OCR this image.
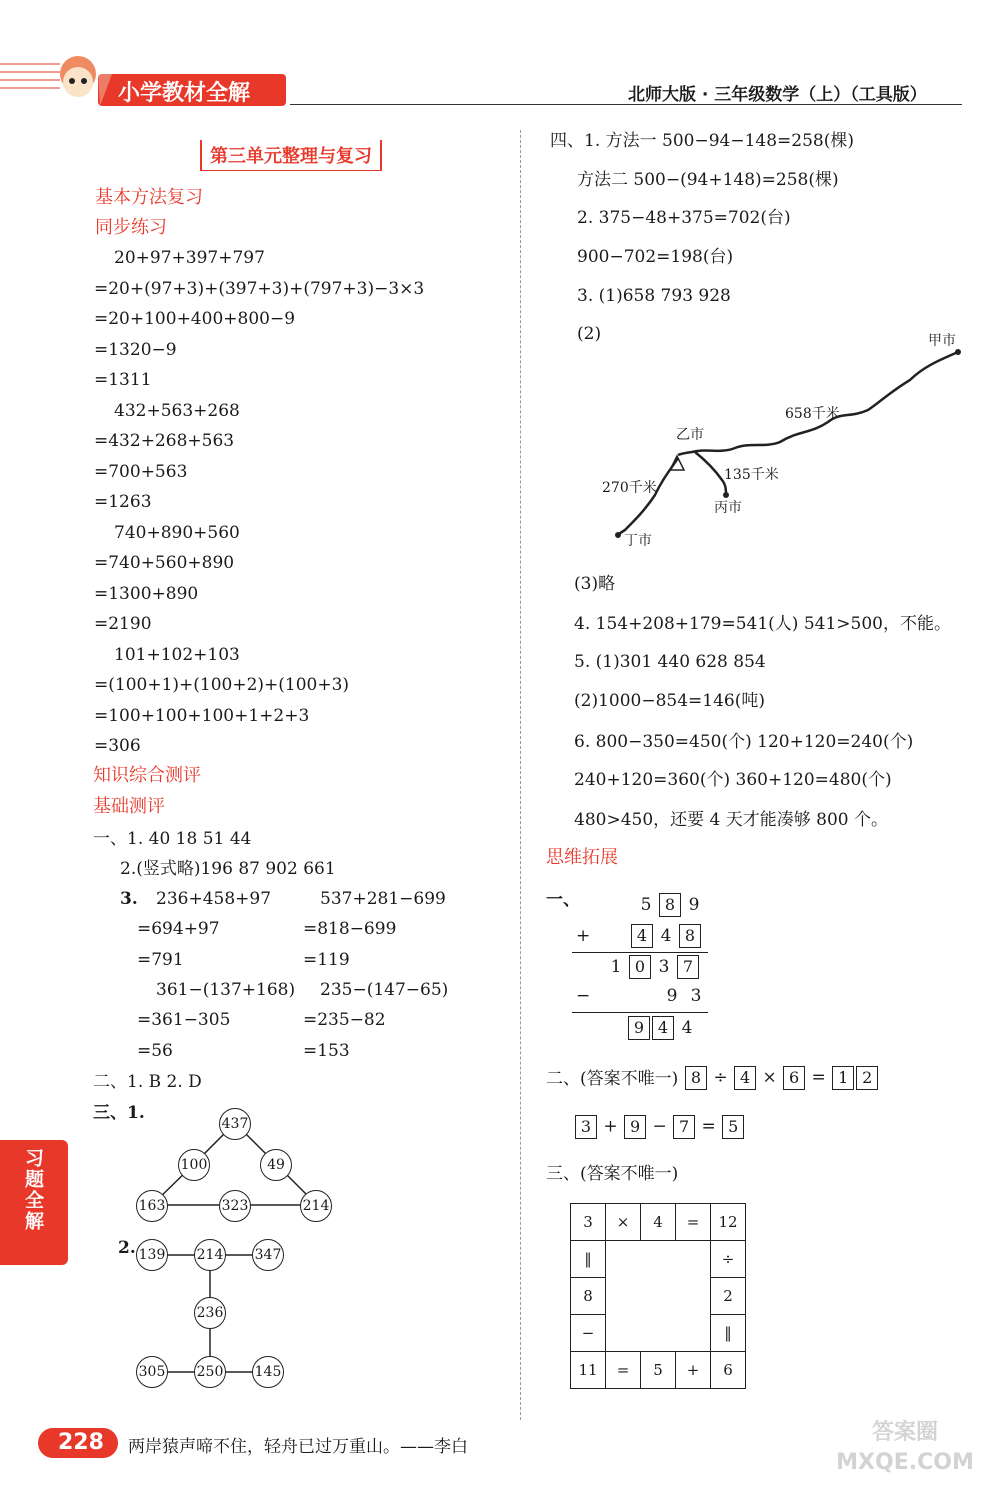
小学教材全解	北师大版 · 三年级数学（上）（工具版）
第三单元整理与复习
基本方法复习
同步练习
20+97+397+797
=20+(97+3)+(397+3)+(797+3)−3×3
=20+100+400+800−9
=1320−9
=1311
432+563+268
=432+268+563
=700+563
=1263
740+890+560
=740+560+890
=1300+890
=2190
101+102+103
=(100+1)+(100+2)+(100+3)
=100+100+100+1+2+3
=306
知识综合测评
基础测评
一、1. 40 18 51 44
2.(竖式略)196 87 902 661
3. 236+458+97
=694+97
=791
361−(137+168)
=361−305
=56
537+281−699
=818−699
=119
235−(147−65)
=235−82
=153
二、1. B 2. D
三、1.
437
100	49
163	323	214
2. 139 214 347
236
305 250 145
四、1. 方法一 500−94−148=258(棵)
方法二 500−(94+148)=258(棵)
2. 375−48+375=702(台)
900−702=198(台)
3. (1)658 793 928
(2)	甲市
乙市
丙市
丁市
658千米
135千米
270千米
(3)略
4. 154+208+179=541(人) 541>500，不能。
5. (1)301 440 628 854
(2)1000−854=146(吨)
6. 800−350=450(个) 120+120=240(个)
240+120=360(个) 360+120=480(个)
480>450，还要 4 天才能凑够 800 个。
思维拓展
一、	5 8 9
+	4 4 8
1 0 3 7
−	9 3
9 4 4
二、(答案不唯一) 8 ÷ 4 × 6 = 1 2
3 + 9 − 7 = 5
三、(答案不唯一)
3	×	4	=	12
‖				÷
8				2
−				‖
11	=	5	+	6
习题全解
228 两岸猿声啼不住，轻舟已过万重山。——李白
答案圈 MXQE.COM
